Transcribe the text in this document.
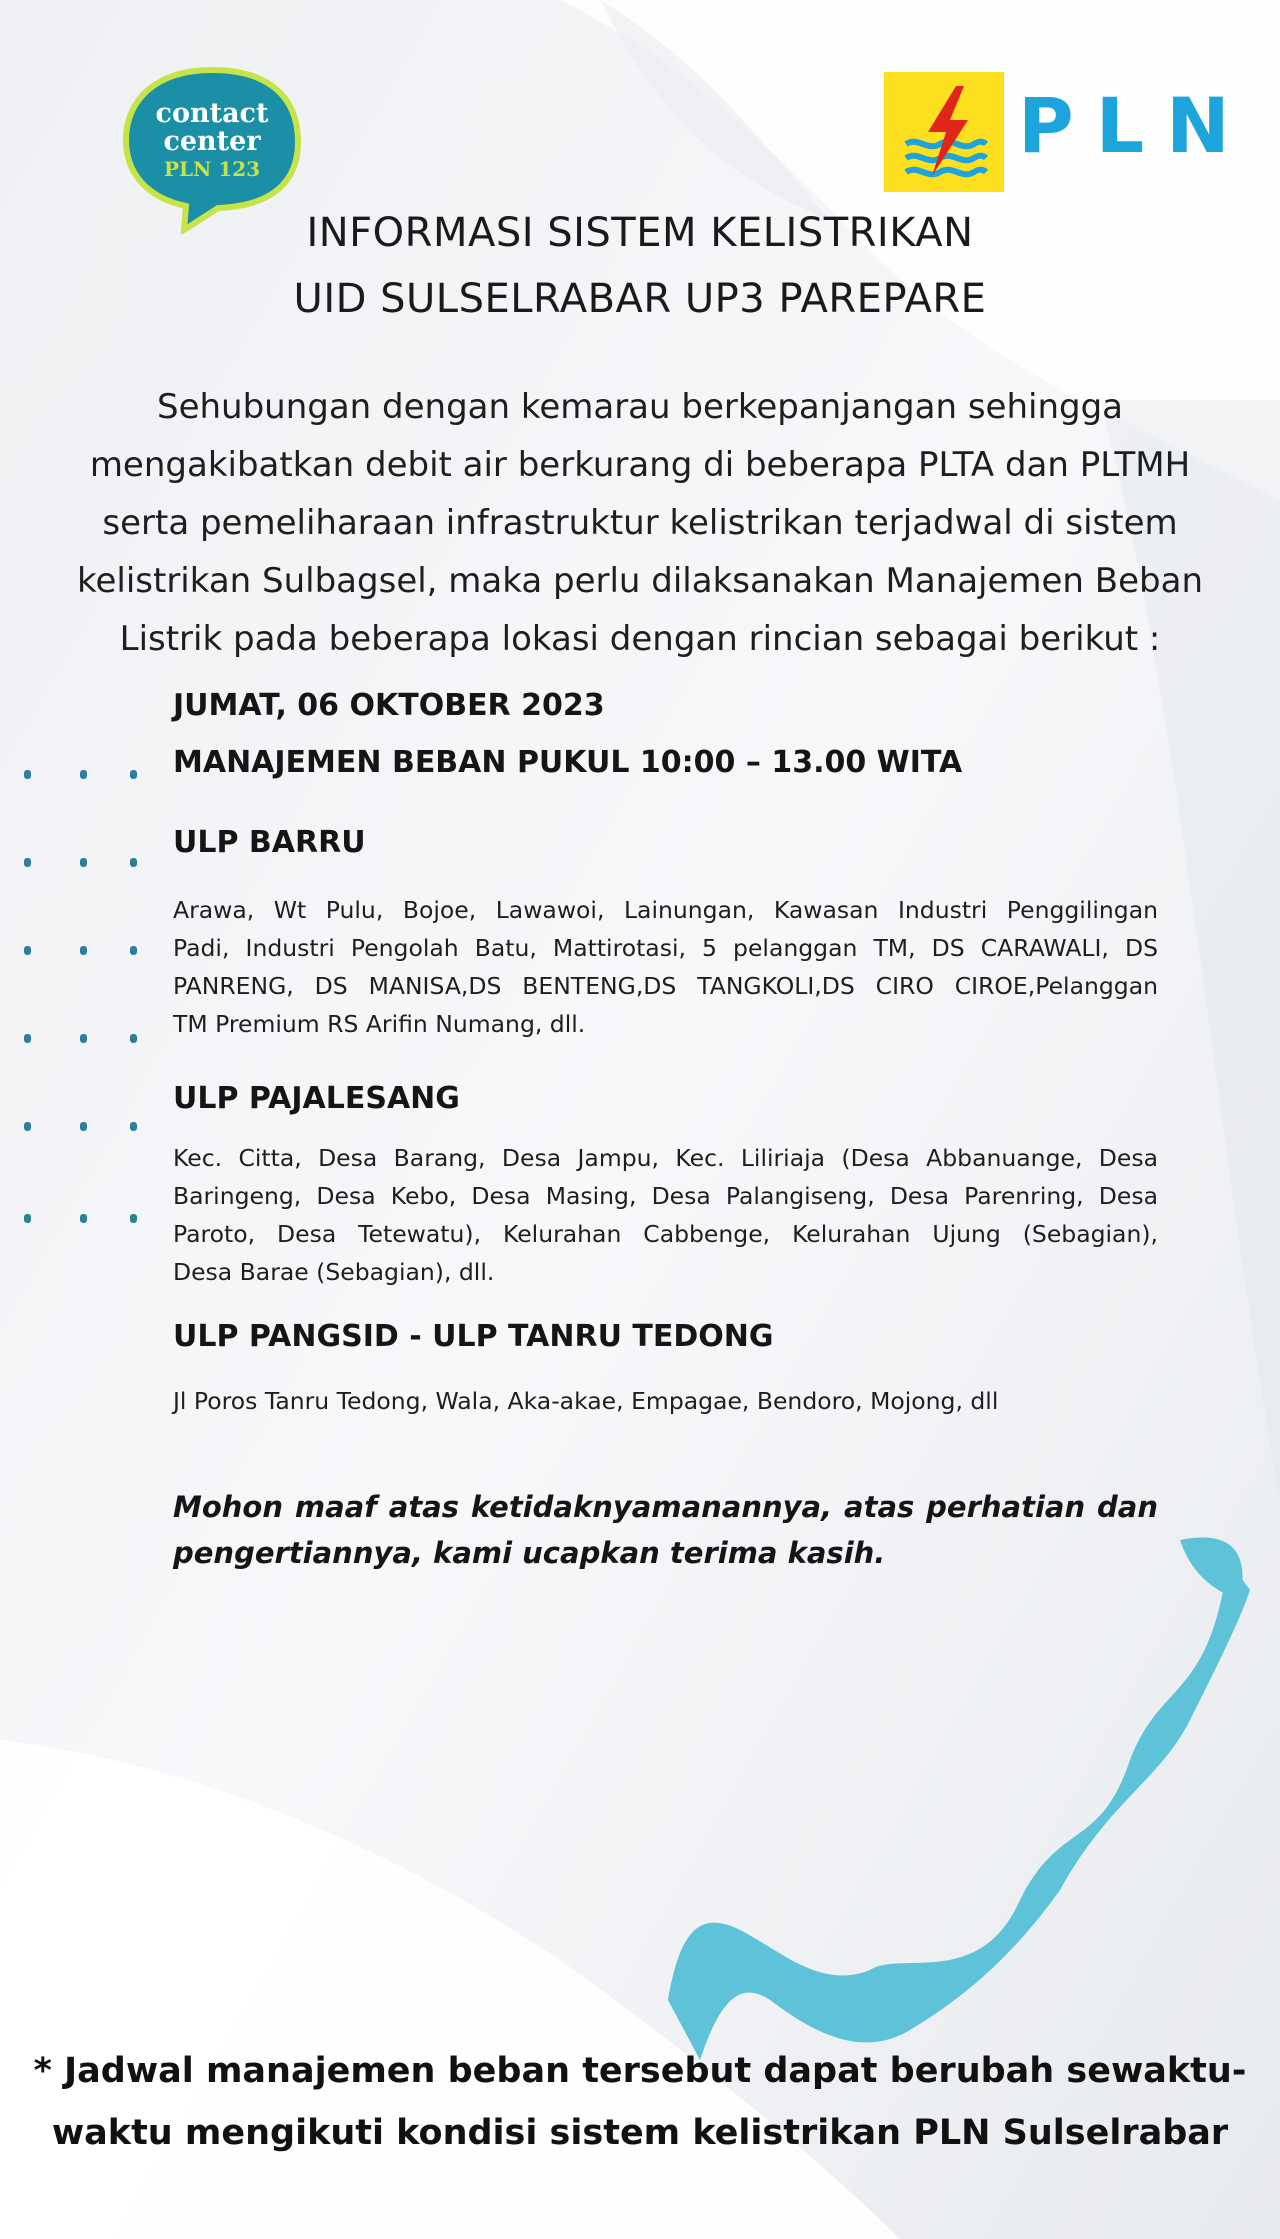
contact
center
PLN 123	PLN
INFORMASI SISTEM KELISTRIKAN
UID SULSELRABAR UP3 PAREPARE
Sehubungan dengan kemarau berkepanjangan sehingga
mengakibatkan debit air berkurang di beberapa PLTA dan PLTMH
serta pemeliharaan infrastruktur kelistrikan terjadwal di sistem
kelistrikan Sulbagsel, maka perlu dilaksanakan Manajemen Beban
Listrik pada beberapa lokasi dengan rincian sebagai berikut :
JUMAT, 06 OKTOBER 2023
MANAJEMEN BEBAN PUKUL 10:00 – 13.00 WITA
ULP BARRU
Arawa, Wt Pulu, Bojoe, Lawawoi, Lainungan, Kawasan Industri Penggilingan
Padi, Industri Pengolah Batu, Mattirotasi, 5 pelanggan TM, DS CARAWALI, DS
PANRENG, DS MANISA,DS BENTENG,DS TANGKOLI,DS CIRO CIROE,Pelanggan
TM Premium RS Arifin Numang, dll.
ULP PAJALESANG
Kec. Citta, Desa Barang, Desa Jampu, Kec. Liliriaja (Desa Abbanuange, Desa
Baringeng, Desa Kebo, Desa Masing, Desa Palangiseng, Desa Parenring, Desa
Paroto, Desa Tetewatu), Kelurahan Cabbenge, Kelurahan Ujung (Sebagian),
Desa Barae (Sebagian), dll.
ULP PANGSID - ULP TANRU TEDONG
Jl Poros Tanru Tedong, Wala, Aka-akae, Empagae, Bendoro, Mojong, dll
Mohon maaf atas ketidaknyamanannya, atas perhatian dan
pengertiannya, kami ucapkan terima kasih.
* Jadwal manajemen beban tersebut dapat berubah sewaktu-
waktu mengikuti kondisi sistem kelistrikan PLN Sulselrabar
